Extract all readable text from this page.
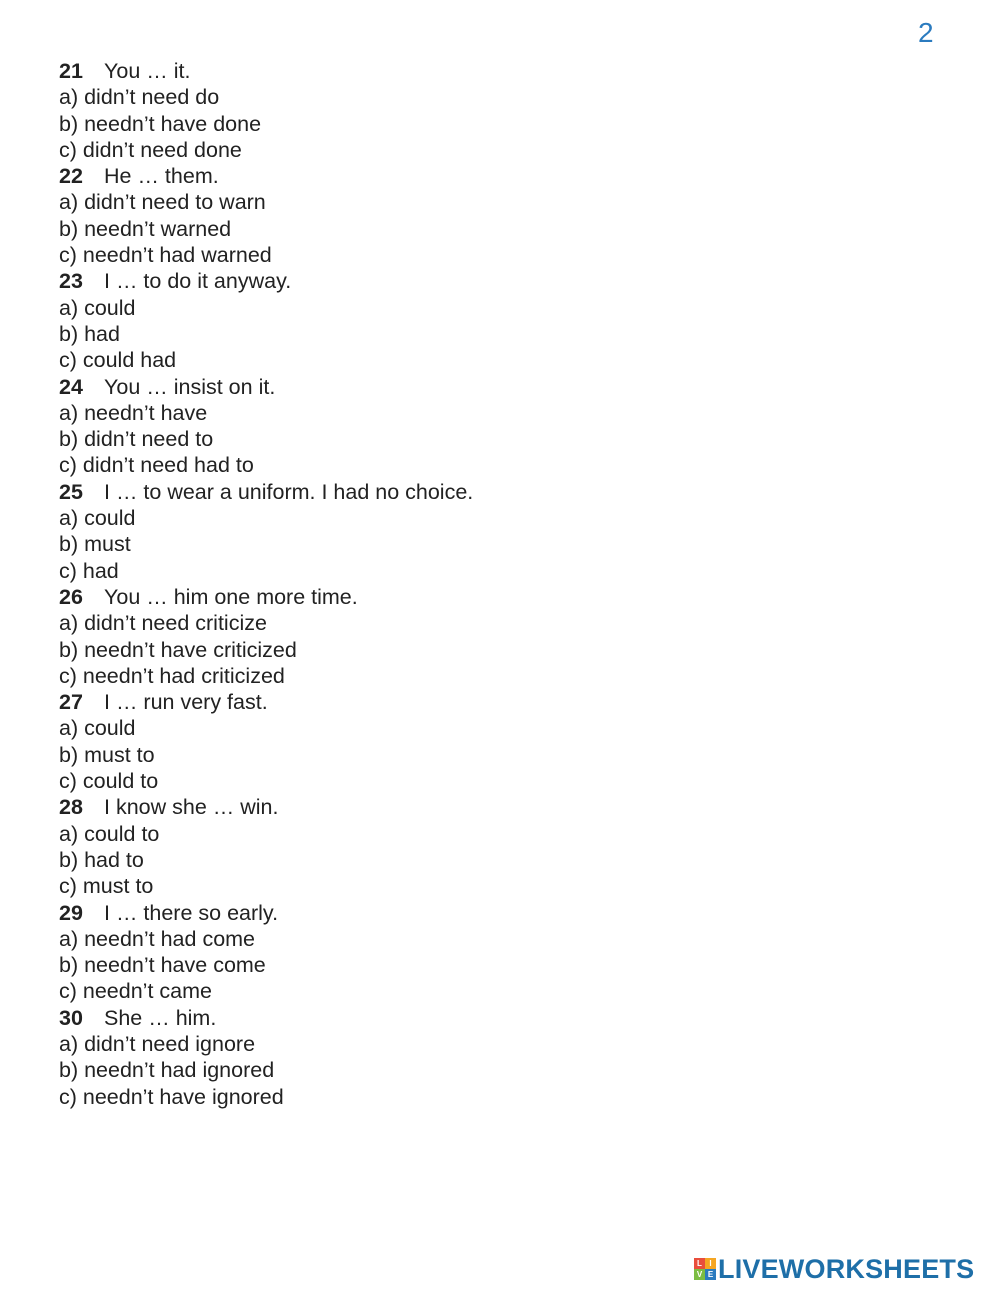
2
21 You … it.
a) didn’t need do
b) needn’t have done
c) didn’t need done
22 He … them.
a) didn’t need to warn
b) needn’t warned
c) needn’t had warned
23 I … to do it anyway.
a) could
b) had
c) could had
24 You … insist on it.
a) needn’t have
b) didn’t need to
c) didn’t need had to
25 I … to wear a uniform. I had no choice.
a) could
b) must
c) had
26 You … him one more time.
a) didn’t need criticize
b) needn’t have criticized
c) needn’t had criticized
27 I … run very fast.
a) could
b) must to
c) could to
28 I know she … win.
a) could to
b) had to
c) must to
29 I … there so early.
a) needn’t had come
b) needn’t have come
c) needn’t came
30 She … him.
a) didn’t need ignore
b) needn’t had ignored
c) needn’t have ignored
L I
V E LIVEWORKSHEETS
